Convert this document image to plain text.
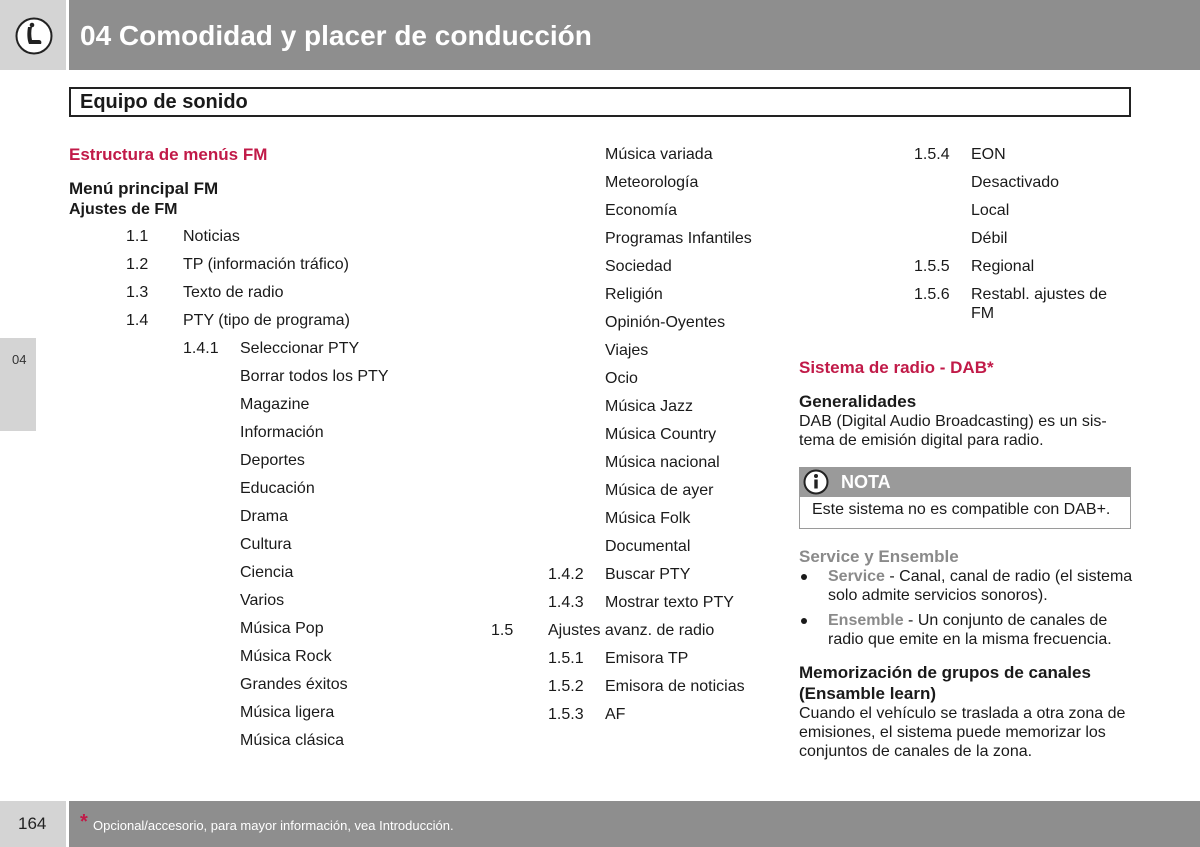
04 Comodidad y placer de conducción
Equipo de sonido
04
Estructura de menús FM
Menú principal FM
Ajustes de FM
1.1 Noticias
1.2 TP (información tráfico)
1.3 Texto de radio
1.4 PTY (tipo de programa)
1.4.1 Seleccionar PTY
Borrar todos los PTY
Magazine
Información
Deportes
Educación
Drama
Cultura
Ciencia
Varios
Música Pop
Música Rock
Grandes éxitos
Música ligera
Música clásica
Música variada
Meteorología
Economía
Programas Infantiles
Sociedad
Religión
Opinión-Oyentes
Viajes
Ocio
Música Jazz
Música Country
Música nacional
Música de ayer
Música Folk
Documental
1.4.2 Buscar PTY
1.4.3 Mostrar texto PTY
1.5 Ajustes avanz. de radio
1.5.1 Emisora TP
1.5.2 Emisora de noticias
1.5.3 AF
1.5.4 EON
Desactivado
Local
Débil
1.5.5 Regional
1.5.6 Restabl. ajustes de
FM
Sistema de radio - DAB*
Generalidades
DAB (Digital Audio Broadcasting) es un sis-
tema de emisión digital para radio.
NOTA
Este sistema no es compatible con DAB+.
Service y Ensemble
Service - Canal, canal de radio (el sistema
solo admite servicios sonoros).
Ensemble - Un conjunto de canales de
radio que emite en la misma frecuencia.
Memorización de grupos de canales
(Ensamble learn)
Cuando el vehículo se traslada a otra zona de
emisiones, el sistema puede memorizar los
conjuntos de canales de la zona.
164 * Opcional/accesorio, para mayor información, vea Introducción.
